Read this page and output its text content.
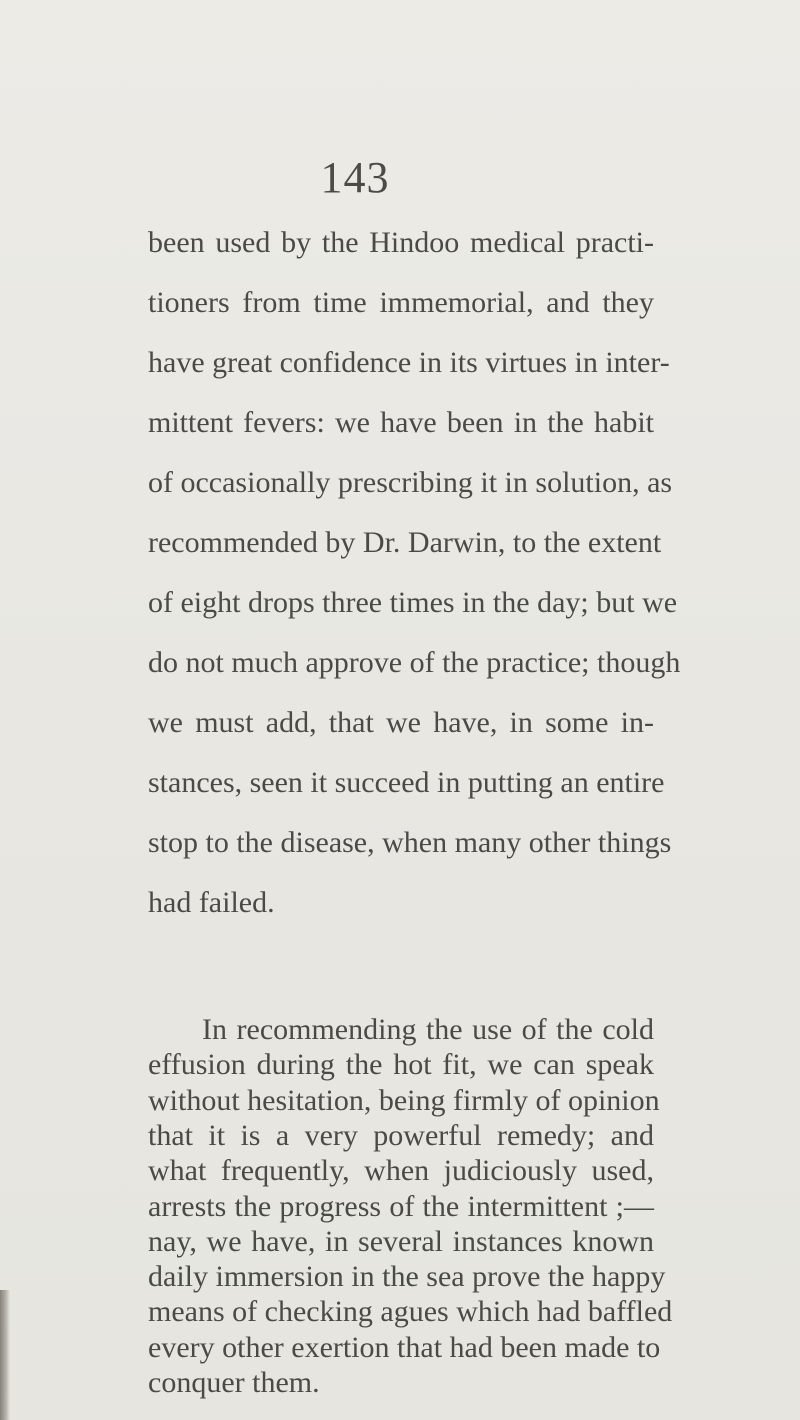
143
been used by the Hindoo medical practi-
tioners from time immemorial, and they
have great confidence in its virtues in inter-
mittent fevers: we have been in the habit
of occasionally prescribing it in solution, as
recommended by Dr. Darwin, to the extent
of eight drops three times in the day; but we
do not much approve of the practice; though
we must add, that we have, in some in-
stances, seen it succeed in putting an entire
stop to the disease, when many other things
had failed.
In recommending the use of the cold
effusion during the hot fit, we can speak
without hesitation, being firmly of opinion
that it is a very powerful remedy; and
what frequently, when judiciously used,
arrests the progress of the intermittent ;—
nay, we have, in several instances known
daily immersion in the sea prove the happy
means of checking agues which had baffled
every other exertion that had been made to
conquer them.
